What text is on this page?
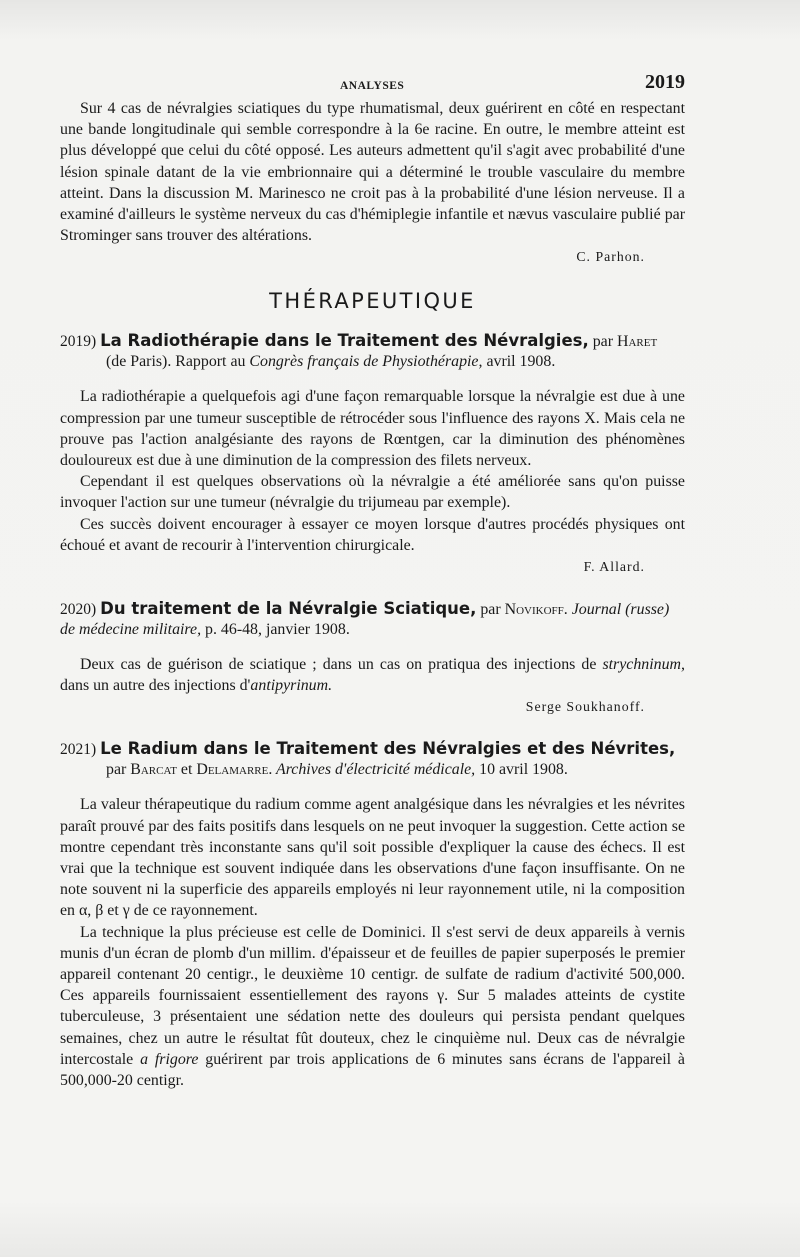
ANALYSES	2019

Sur 4 cas de névralgies sciatiques du type rhumatismal, deux guérirent en côté en respectant une bande longitudinale qui semble correspondre à la 6e racine. En outre, le membre atteint est plus développé que celui du côté opposé. Les auteurs admettent qu'il s'agit avec probabilité d'une lésion spinale datant de la vie embrionnaire qui a déterminé le trouble vasculaire du membre atteint. Dans la discussion M. Marinesco ne croit pas à la probabilité d'une lésion nerveuse. Il a examiné d'ailleurs le système nerveux du cas d'hémiplegie infantile et nævus vasculaire publié par Strominger sans trouver des altérations.

C. Parhon.

THÉRAPEUTIQUE

2019) La Radiothérapie dans le Traitement des Névralgies, par Haret

(de Paris). Rapport au Congrès français de Physiothérapie, avril 1908.

La radiothérapie a quelquefois agi d'une façon remarquable lorsque la névralgie est due à une compression par une tumeur susceptible de rétrocéder sous l'influence des rayons X. Mais cela ne prouve pas l'action analgésiante des rayons de Rœntgen, car la diminution des phénomènes douloureux est due à une diminution de la compression des filets nerveux.

Cependant il est quelques observations où la névralgie a été améliorée sans qu'on puisse invoquer l'action sur une tumeur (névralgie du trijumeau par exemple).

Ces succès doivent encourager à essayer ce moyen lorsque d'autres procédés physiques ont échoué et avant de recourir à l'intervention chirurgicale.

F. Allard.

2020) Du traitement de la Névralgie Sciatique, par Novikoff. Journal (russe) de médecine militaire, p. 46-48, janvier 1908.

Deux cas de guérison de sciatique ; dans un cas on pratiqua des injections de strychninum, dans un autre des injections d'antipyrinum.

Serge Soukhanoff.

2021) Le Radium dans le Traitement des Névralgies et des Névrites,

par Barcat et Delamarre. Archives d'électricité médicale, 10 avril 1908.

La valeur thérapeutique du radium comme agent analgésique dans les névralgies et les névrites paraît prouvé par des faits positifs dans lesquels on ne peut invoquer la suggestion. Cette action se montre cependant très inconstante sans qu'il soit possible d'expliquer la cause des échecs. Il est vrai que la technique est souvent indiquée dans les observations d'une façon insuffisante. On ne note souvent ni la superficie des appareils employés ni leur rayonnement utile, ni la composition en α, β et γ de ce rayonnement.

La technique la plus précieuse est celle de Dominici. Il s'est servi de deux appareils à vernis munis d'un écran de plomb d'un millim. d'épaisseur et de feuilles de papier superposés le premier appareil contenant 20 centigr., le deuxième 10 centigr. de sulfate de radium d'activité 500,000. Ces appareils fournissaient essentiellement des rayons γ. Sur 5 malades atteints de cystite tuberculeuse, 3 présentaient une sédation nette des douleurs qui persista pendant quelques semaines, chez un autre le résultat fût douteux, chez le cinquième nul. Deux cas de névralgie intercostale a frigore guérirent par trois applications de 6 minutes sans écrans de l'appareil à 500,000-20 centigr.
